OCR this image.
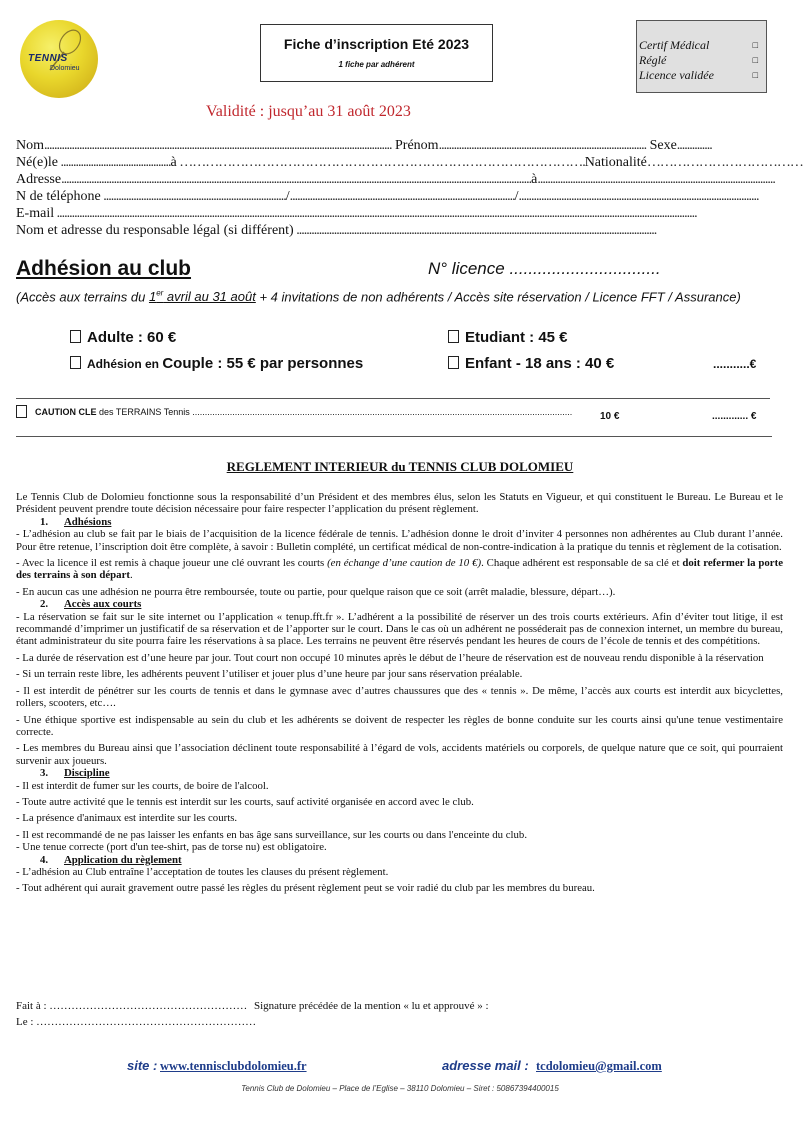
TENNIS
Dolomieu
Fiche d’inscription Eté 2023
1 fiche par adhérent
Certif Médical	□
Réglé	□
Licence validée	□
Validité : jusqu’au 31 août 2023
Nom........................................................................................................................................... Prénom................................................................................... Sexe..............
Né(e)le ............................................à ………………………………………………………………………………….Nationalité………………………………
Adresse............................................................................................................................................................................................à...............................................................................................
N de téléphone ........................................................................./........................................................................................../................................................................................................
E-mail ................................................................................................................................................................................................................................................................
Nom et adresse du responsable légal (si différent) ................................................................................................................................................
Adhésion au club	N° licence ................................
(Accès aux terrains du 1er avril au 31 août + 4 invitations de non adhérents / Accès site réservation / Licence FFT / Assurance)
Adulte : 60 €	Etudiant : 45 €
Adhésion en Couple : 55 € par personnes	Enfant - 18 ans : 40 €	...........€
CAUTION CLE des TERRAINS Tennis ........................................................................................................................................................	10 €	............. €
REGLEMENT INTERIEUR du TENNIS CLUB DOLOMIEU

Le Tennis Club de Dolomieu fonctionne sous la responsabilité d’un Président et des membres élus, selon les Statuts en Vigueur, et qui constituent le Bureau. Le Bureau et le Président peuvent prendre toute décision nécessaire pour faire respecter l’application du présent règlement.

1. Adhésions

- L’adhésion au club se fait par le biais de l’acquisition de la licence fédérale de tennis. L’adhésion donne le droit d’inviter 4 personnes non adhérentes au Club durant l’année. Pour être retenue, l’inscription doit être complète, à savoir : Bulletin complété, un certificat médical de non-contre-indication à la pratique du tennis et règlement de la cotisation.

- Avec la licence il est remis à chaque joueur une clé ouvrant les courts (en échange d’une caution de 10 €). Chaque adhérent est responsable de sa clé et doit refermer la porte des terrains à son départ.

- En aucun cas une adhésion ne pourra être remboursée, toute ou partie, pour quelque raison que ce soit (arrêt maladie, blessure, départ…).

2. Accès aux courts

- La réservation se fait sur le site internet ou l’application « tenup.fft.fr ». L’adhérent a la possibilité de réserver un des trois courts extérieurs. Afin d’éviter tout litige, il est recommandé d’imprimer un justificatif de sa réservation et de l’apporter sur le court. Dans le cas où un adhérent ne posséderait pas de connexion internet, un membre du bureau, étant administrateur du site pourra faire les réservations à sa place. Les terrains ne peuvent être réservés pendant les heures de cours de l’école de tennis et des compétitions.

- La durée de réservation est d’une heure par jour. Tout court non occupé 10 minutes après le début de l’heure de réservation est de nouveau rendu disponible à la réservation

- Si un terrain reste libre, les adhérents peuvent l’utiliser et jouer plus d’une heure par jour sans réservation préalable.

- Il est interdit de pénétrer sur les courts de tennis et dans le gymnase avec d’autres chaussures que des « tennis ». De même, l’accès aux courts est interdit aux bicyclettes, rollers, scooters, etc….

- Une éthique sportive est indispensable au sein du club et les adhérents se doivent de respecter les règles de bonne conduite sur les courts ainsi qu'une tenue vestimentaire correcte.

- Les membres du Bureau ainsi que l’association déclinent toute responsabilité à l’égard de vols, accidents matériels ou corporels, de quelque nature que ce soit, qui pourraient survenir aux joueurs.

3. Discipline

- Il est interdit de fumer sur les courts, de boire de l'alcool.

- Toute autre activité que le tennis est interdit sur les courts, sauf activité organisée en accord avec le club.

- La présence d'animaux est interdite sur les courts.

- Il est recommandé de ne pas laisser les enfants en bas âge sans surveillance, sur les courts ou dans l'enceinte du club.

- Une tenue correcte (port d'un tee-shirt, pas de torse nu) est obligatoire.

4. Application du règlement

- L’adhésion au Club entraîne l’acceptation de toutes les clauses du présent règlement.

- Tout adhérent qui aurait gravement outre passé les règles du présent règlement peut se voir radié du club par les membres du bureau.

Fait à : ………………………………………………
Le : ……………………………………………………
Signature précédée de la mention « lu et approuvé » :
site : www.tennisclubdolomieu.fr	adresse mail : tcdolomieu@gmail.com
Tennis Club de Dolomieu – Place de l’Eglise – 38110 Dolomieu – Siret : 50867394400015
